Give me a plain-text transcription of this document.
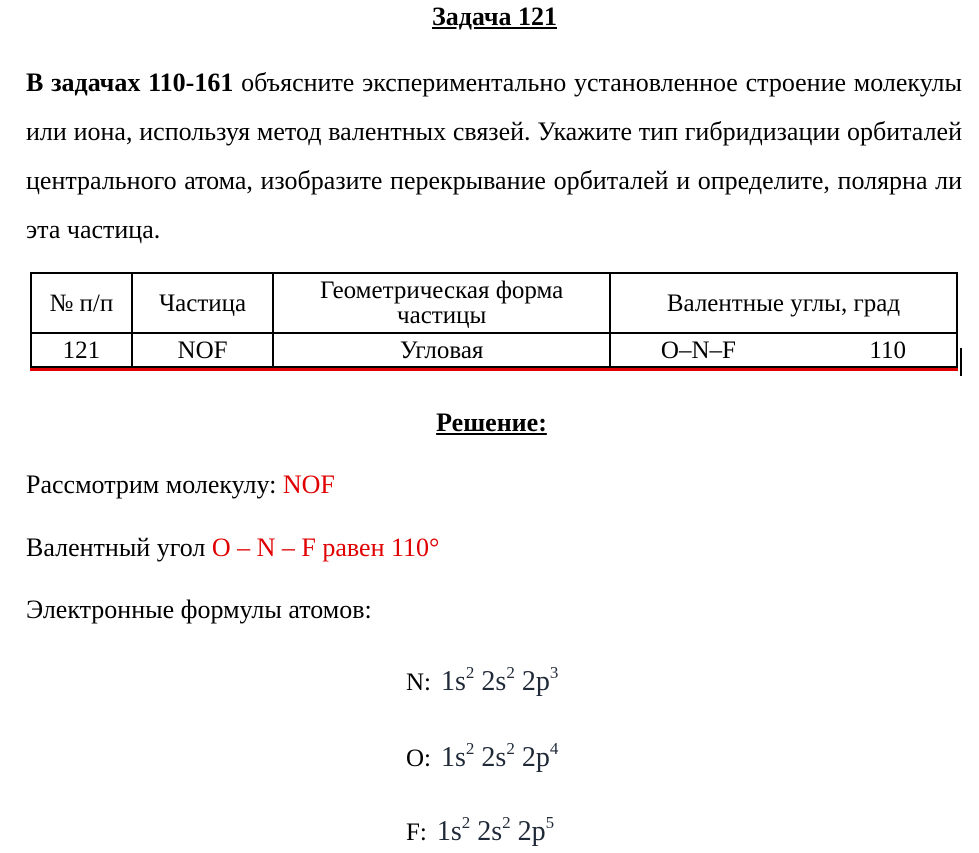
Задача 121
В задачах 110-161 объясните экспериментально установленное строение молекулы или иона, используя метод валентных связей. Укажите тип гибридизации орбиталей центрального атома, изобразите перекрывание орбиталей и определите, полярна ли эта частица.
№ п/п	Частица	Геометрическая форма частицы	Валентные углы, град
121	NOF	Угловая	O–N–F 110
Решение:
Рассмотрим молекулу: NOF
Валентный угол O – N – F равен 110°
Электронные формулы атомов:
N: $1s^2$ $2s^2$ $2p^3$
O: $1s^2$ $2s^2$ $2p^4$
F: $1s^2$ $2s^2$ $2p^5$
